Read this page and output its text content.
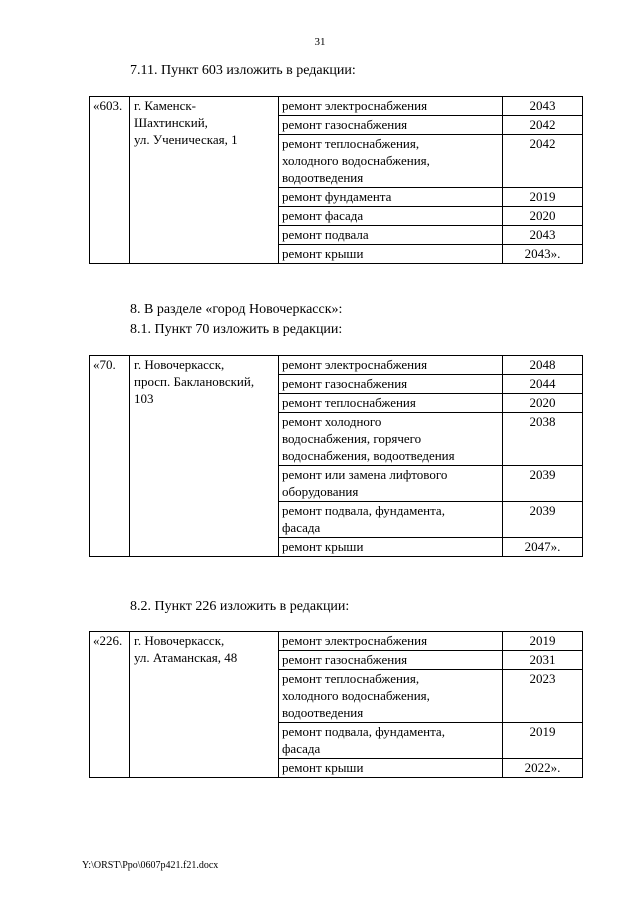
31
7.11. Пункт 603 изложить в редакции:
«603.	г. Каменск-
Шахтинский,
ул. Ученическая, 1	ремонт электроснабжения	2043
		ремонт газоснабжения	2042
		ремонт теплоснабжения,
холодного водоснабжения,
водоотведения	2042
		ремонт фундамента	2019
		ремонт фасада	2020
		ремонт подвала	2043
		ремонт крыши	2043».
8. В разделе «город Новочеркасск»:
8.1. Пункт 70 изложить в редакции:
«70.	г. Новочеркасск,
просп. Баклановский,
103	ремонт электроснабжения	2048
		ремонт газоснабжения	2044
		ремонт теплоснабжения	2020
		ремонт холодного
водоснабжения, горячего
водоснабжения, водоотведения	2038
		ремонт или замена лифтового
оборудования	2039
		ремонт подвала, фундамента,
фасада	2039
		ремонт крыши	2047».
8.2. Пункт 226 изложить в редакции:
«226.	г. Новочеркасск,
ул. Атаманская, 48	ремонт электроснабжения	2019
		ремонт газоснабжения	2031
		ремонт теплоснабжения,
холодного водоснабжения,
водоотведения	2023
		ремонт подвала, фундамента,
фасада	2019
		ремонт крыши	2022».
Y:\ORST\Ppo\0607p421.f21.docx
